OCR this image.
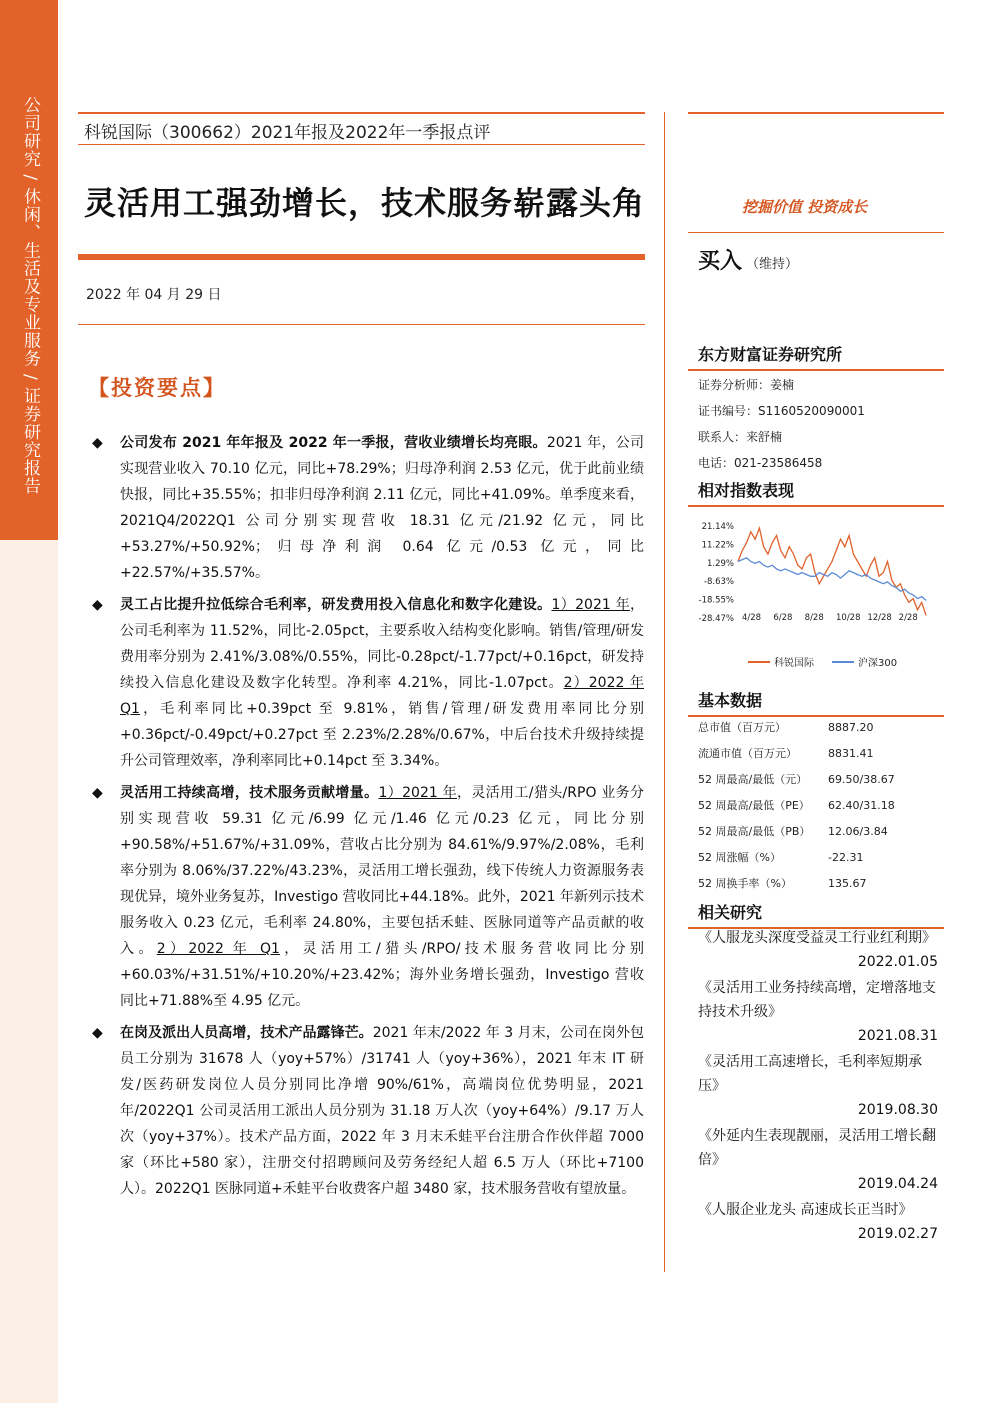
公司研究 / 休闲、生活及专业服务 / 证券研究报告	科锐国际（300662）2021年报及2022年一季报点评
灵活用工强劲增长，技术服务崭露头角
2022 年 04 月 29 日
挖掘价值 投资成长
买入 （维持）
东方财富证券研究所
证券分析师：姜楠
证书编号：S1160520090001
联系人：来舒楠
电话：021-23586458
相对指数表现
21.14%
11.22%
1.29%
-8.63%
-18.55%
-28.47% 4/28 6/28 8/28 10/28 12/28 2/28
科锐国际	沪深300
基本数据
总市值（百万元）	8887.20
流通市值（百万元）	8831.41
52 周最高/最低（元）	69.50/38.67
52 周最高/最低（PE）	62.40/31.18
52 周最高/最低（PB）	12.06/3.84
52 周涨幅（%）	-22.31
52 周换手率（%）	135.67
相关研究
《人服龙头深度受益灵工行业红利期》
2022.01.05
《灵活用工业务持续高增，定增落地支持技术升级》
2021.08.31
《灵活用工高速增长，毛利率短期承压》
2019.08.30
《外延内生表现靓丽，灵活用工增长翻倍》
2019.04.24
《人服企业龙头 高速成长正当时》
2019.02.27
【投资要点】
◆ 公司发布 2021 年年报及 2022 年一季报，营收业绩增长均亮眼。2021 年，公司实现营业收入 70.10 亿元，同比+78.29%；归母净利润 2.53 亿元，优于此前业绩快报，同比+35.55%；扣非归母净利润 2.11 亿元，同比+41.09%。单季度来看，2021Q4/2022Q1 公司分别实现营收 18.31 亿元/21.92 亿元，同比+53.27%/+50.92%；归母净利润 0.64 亿元/0.53 亿元，同比+22.57%/+35.57%。
◆ 灵工占比提升拉低综合毛利率，研发费用投入信息化和数字化建设。1）2021 年，公司毛利率为 11.52%，同比-2.05pct，主要系收入结构变化影响。销售/管理/研发费用率分别为 2.41%/3.08%/0.55%，同比-0.28pct/-1.77pct/+0.16pct，研发持续投入信息化建设及数字化转型。净利率 4.21%，同比-1.07pct。2）2022 年 Q1，毛利率同比+0.39pct 至 9.81%，销售/管理/研发费用率同比分别+0.36pct/-0.49pct/+0.27pct 至 2.23%/2.28%/0.67%，中后台技术升级持续提升公司管理效率，净利率同比+0.14pct 至 3.34%。
◆ 灵活用工持续高增，技术服务贡献增量。1）2021 年，灵活用工/猎头/RPO 业务分别实现营收 59.31 亿元/6.99 亿元/1.46 亿元/0.23 亿元，同比分别+90.58%/+51.67%/+31.09%，营收占比分别为 84.61%/9.97%/2.08%，毛利率分别为 8.06%/37.22%/43.23%，灵活用工增长强劲，线下传统人力资源服务表现优异，境外业务复苏，Investigo 营收同比+44.18%。此外，2021 年新列示技术服务收入 0.23 亿元，毛利率 24.80%，主要包括禾蛙、医脉同道等产品贡献的收入。2）2022 年 Q1，灵活用工/猎头/RPO/技术服务营收同比分别+60.03%/+31.51%/+10.20%/+23.42%；海外业务增长强劲，Investigo 营收同比+71.88%至 4.95 亿元。
◆ 在岗及派出人员高增，技术产品露锋芒。2021 年末/2022 年 3 月末，公司在岗外包员工分别为 31678 人（yoy+57%）/31741 人（yoy+36%），2021 年末 IT 研发/医药研发岗位人员分别同比净增 90%/61%，高端岗位优势明显，2021 年/2022Q1 公司灵活用工派出人员分别为 31.18 万人次（yoy+64%）/9.17 万人次（yoy+37%）。技术产品方面，2022 年 3 月末禾蛙平台注册合作伙伴超 7000 家（环比+580 家），注册交付招聘顾问及劳务经纪人超 6.5 万人（环比+7100 人）。2022Q1 医脉同道+禾蛙平台收费客户超 3480 家，技术服务营收有望放量。
